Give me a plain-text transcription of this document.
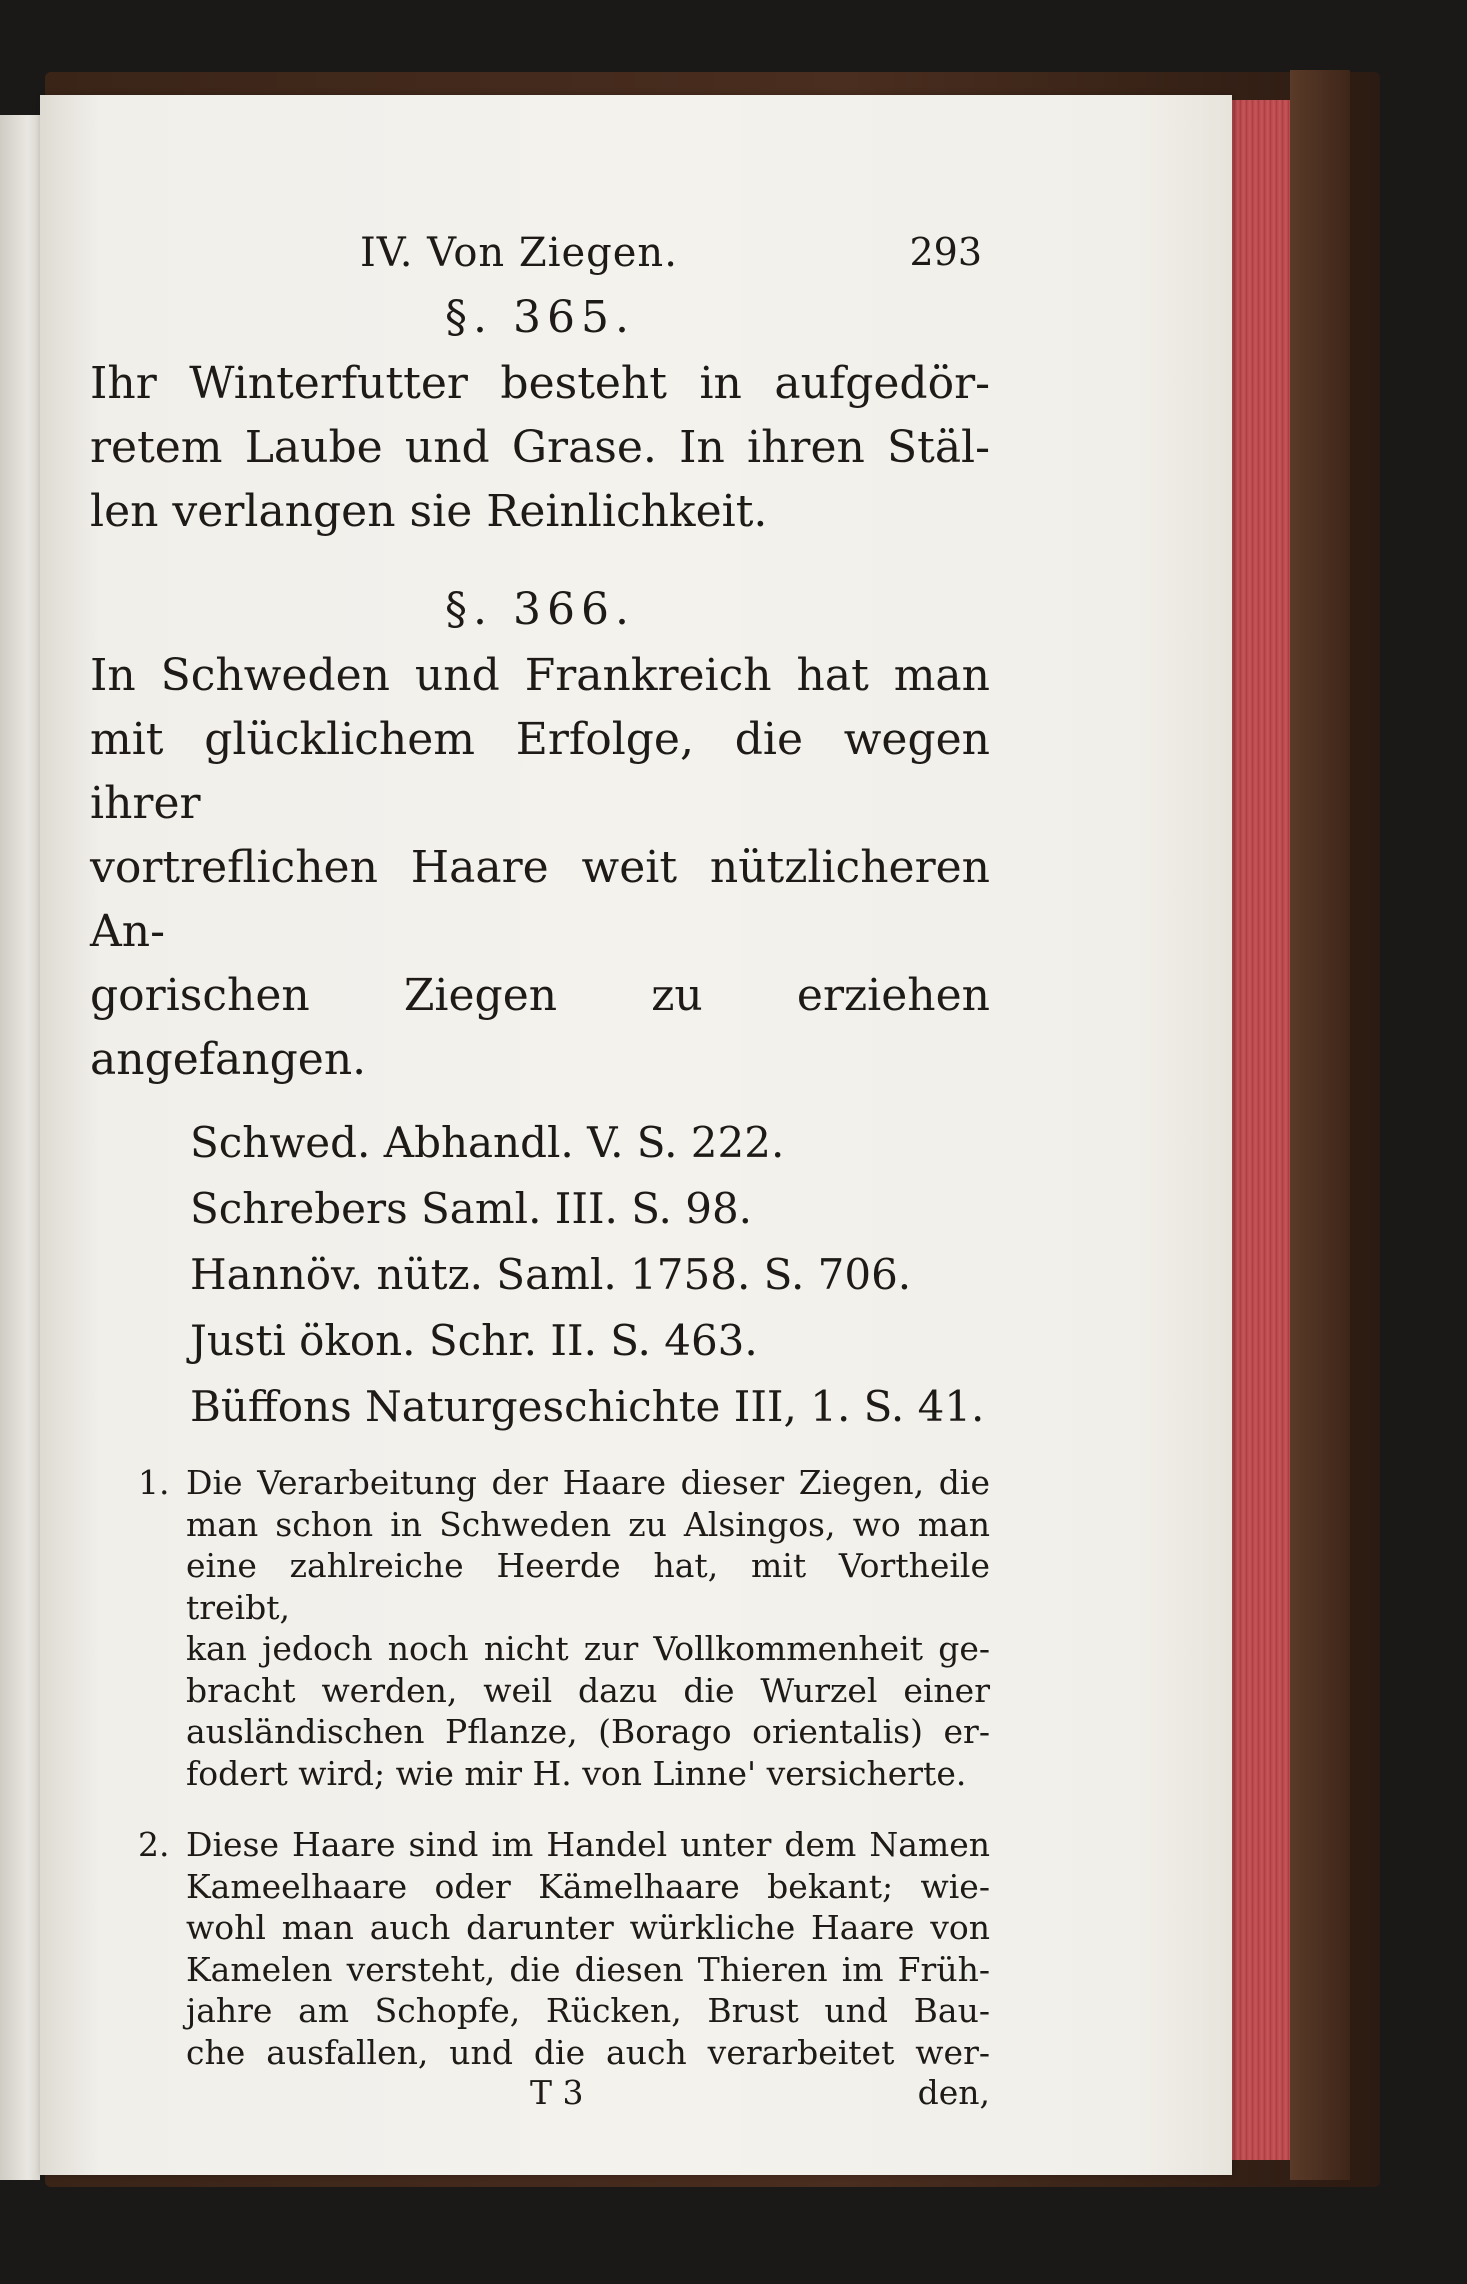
IV. Von Ziegen.	293
§. 365.

Ihr Winterfutter besteht in aufgedör-

retem Laube und Grase. In ihren Stäl-

len verlangen sie Reinlichkeit.

§. 366.

In Schweden und Frankreich hat man

mit glücklichem Erfolge, die wegen ihrer

vortreflichen Haare weit nützlicheren An-

gorischen Ziegen zu erziehen angefangen.

Schwed. Abhandl. V. S. 222.
Schrebers Saml. III. S. 98.
Hannöv. nütz. Saml. 1758. S. 706.
Justi ökon. Schr. II. S. 463.
Büffons Naturgeschichte III, 1. S. 41.
1. Die Verarbeitung der Haare dieser Ziegen, die

man schon in Schweden zu Alsingos, wo man

eine zahlreiche Heerde hat, mit Vortheile treibt,

kan jedoch noch nicht zur Vollkommenheit ge-

bracht werden, weil dazu die Wurzel einer

ausländischen Pflanze, (Borago orientalis) er-

fodert wird; wie mir H. von Linne' versicherte.

2. Diese Haare sind im Handel unter dem Namen

Kameelhaare oder Kämelhaare bekant; wie-

wohl man auch darunter würkliche Haare von

Kamelen versteht, die diesen Thieren im Früh-

jahre am Schopfe, Rücken, Brust und Bau-

che ausfallen, und die auch verarbeitet wer-

T 3	den,
